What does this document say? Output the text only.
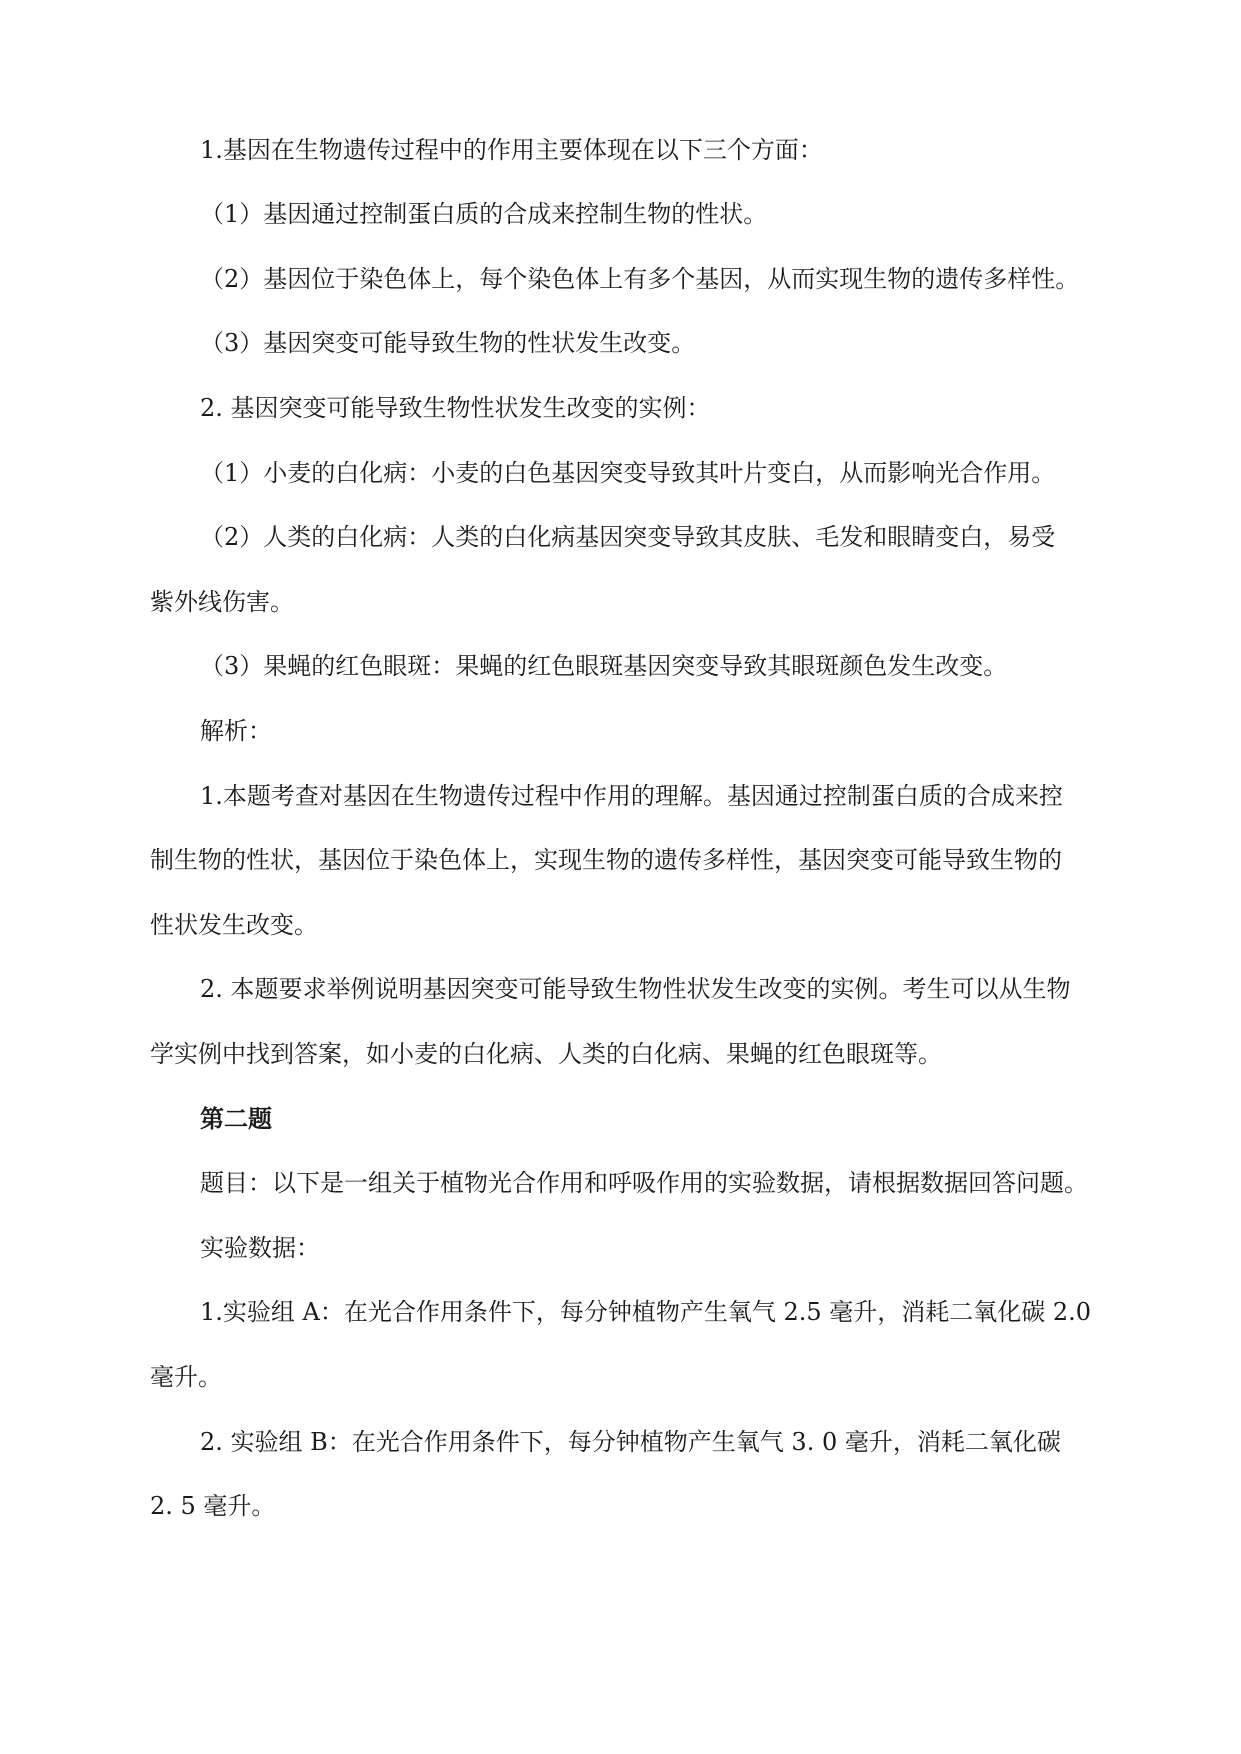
1.基因在生物遗传过程中的作用主要体现在以下三个方面：
（1）基因通过控制蛋白质的合成来控制生物的性状。
（2）基因位于染色体上，每个染色体上有多个基因，从而实现生物的遗传多样性。
（3）基因突变可能导致生物的性状发生改变。
2. 基因突变可能导致生物性状发生改变的实例：
（1）小麦的白化病：小麦的白色基因突变导致其叶片变白，从而影响光合作用。
（2）人类的白化病：人类的白化病基因突变导致其皮肤、毛发和眼睛变白，易受
紫外线伤害。
（3）果蝇的红色眼斑：果蝇的红色眼斑基因突变导致其眼斑颜色发生改变。
解析：
1.本题考查对基因在生物遗传过程中作用的理解。基因通过控制蛋白质的合成来控
制生物的性状，基因位于染色体上，实现生物的遗传多样性，基因突变可能导致生物的
性状发生改变。
2. 本题要求举例说明基因突变可能导致生物性状发生改变的实例。考生可以从生物
学实例中找到答案，如小麦的白化病、人类的白化病、果蝇的红色眼斑等。
第二题
题目：以下是一组关于植物光合作用和呼吸作用的实验数据，请根据数据回答问题。
实验数据：
1.实验组 A：在光合作用条件下，每分钟植物产生氧气 2.5 毫升，消耗二氧化碳 2.0
毫升。
2. 实验组 B：在光合作用条件下，每分钟植物产生氧气 3. 0 毫升，消耗二氧化碳
2. 5 毫升。
